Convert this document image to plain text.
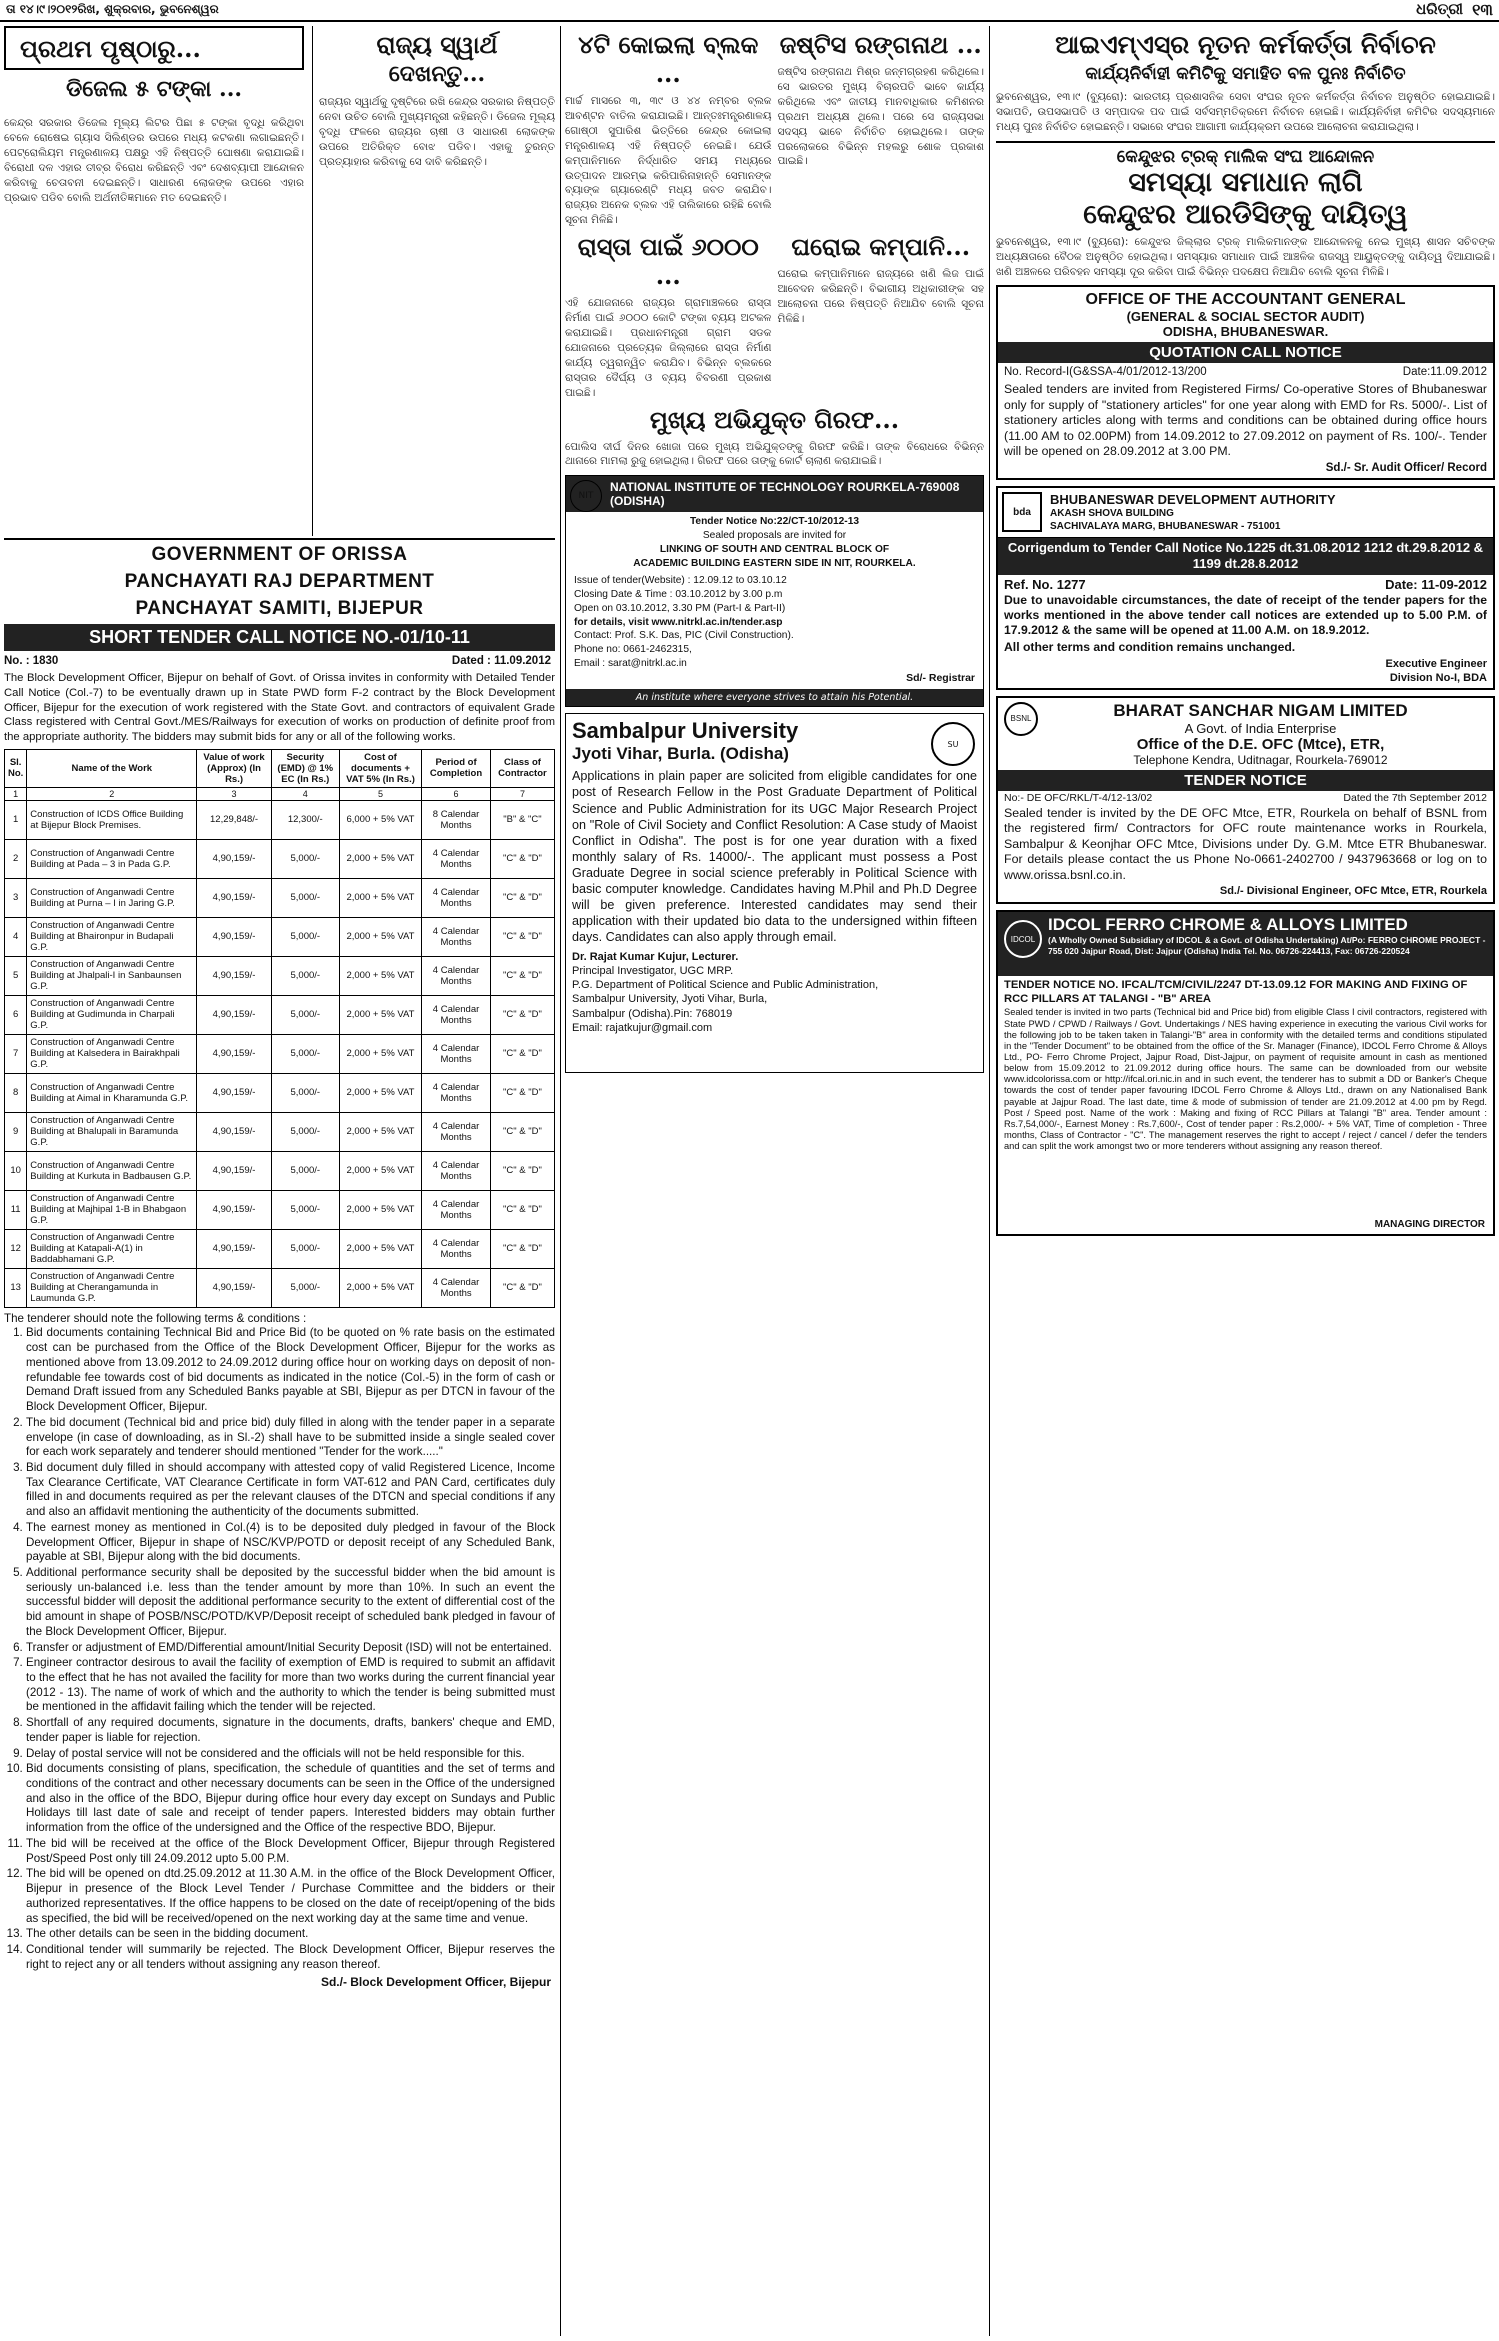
ତା ୧୪।୯।୨୦୧୨ରିଖ, ଶୁକ୍ରବାର, ଭୁବନେଶ୍ୱର	ଧରିତ୍ରୀ ୧୩
ପ୍ରଥମ ପୃଷ୍ଠାରୁ...
ଡିଜେଲ ୫ ଟଙ୍କା ...

କେନ୍ଦ୍ର ସରକାର ଡିଜେଲ ମୂଲ୍ୟ ଲିଟର ପିଛା ୫ ଟଙ୍କା ବୃଦ୍ଧି କରିଥିବା ବେଳେ ରୋଷେଇ ଗ୍ୟାସ ସିଲିଣ୍ଡର ଉପରେ ମଧ୍ୟ କଟକଣା ଲଗାଇଛନ୍ତି। ପେଟ୍ରୋଲିୟମ ମନ୍ତ୍ରଣାଳୟ ପକ୍ଷରୁ ଏହି ନିଷ୍ପତ୍ତି ଘୋଷଣା କରାଯାଇଛି। ବିରୋଧୀ ଦଳ ଏହାର ତୀବ୍ର ବିରୋଧ କରିଛନ୍ତି ଏବଂ ଦେଶବ୍ୟାପୀ ଆନ୍ଦୋଳନ କରିବାକୁ ଚେତାବନୀ ଦେଇଛନ୍ତି। ସାଧାରଣ ଲୋକଙ୍କ ଉପରେ ଏହାର ପ୍ରଭାବ ପଡିବ ବୋଲି ଅର୍ଥନୀତିଜ୍ଞମାନେ ମତ ଦେଇଛନ୍ତି।

ରାଜ୍ୟ ସ୍ୱାର୍ଥ
ଦେଖନ୍ତୁ...

ରାଜ୍ୟର ସ୍ୱାର୍ଥକୁ ଦୃଷ୍ଟିରେ ରଖି କେନ୍ଦ୍ର ସରକାର ନିଷ୍ପତ୍ତି ନେବା ଉଚିତ ବୋଲି ମୁଖ୍ୟମନ୍ତ୍ରୀ କହିଛନ୍ତି। ଡିଜେଲ ମୂଲ୍ୟ ବୃଦ୍ଧି ଫଳରେ ରାଜ୍ୟର ଚାଷୀ ଓ ସାଧାରଣ ଲୋକଙ୍କ ଉପରେ ଅତିରିକ୍ତ ବୋଝ ପଡିବ। ଏହାକୁ ତୁରନ୍ତ ପ୍ରତ୍ୟାହାର କରିବାକୁ ସେ ଦାବି କରିଛନ୍ତି।

GOVERNMENT OF ORISSA
PANCHAYATI RAJ DEPARTMENT
PANCHAYAT SAMITI, BIJEPUR
SHORT TENDER CALL NOTICE NO.-01/10-11
No. : 1830	Dated : 11.09.2012

The Block Development Officer, Bijepur on behalf of Govt. of Orissa invites in conformity with Detailed Tender Call Notice (Col.-7) to be eventually drawn up in State PWD form F-2 contract by the Block Development Officer, Bijepur for the execution of work registered with the State Govt. and contractors of equivalent Grade Class registered with Central Govt./MES/Railways for execution of works on production of definite proof from the appropriate authority. The bidders may submit bids for any or all of the following works.

Sl. No.	Name of the Work	Value of work (Approx) (In Rs.)	Security (EMD) @ 1% EC (In Rs.)	Cost of documents + VAT 5% (In Rs.)	Period of Completion	Class of Contractor
1	2	3	4	5	6	7
1	Construction of ICDS Office Building at Bijepur Block Premises.	12,29,848/-	12,300/-	6,000 + 5% VAT	8 Calendar Months	"B" & "C"
2	Construction of Anganwadi Centre Building at Pada – 3 in Pada G.P.	4,90,159/-	5,000/-	2,000 + 5% VAT	4 Calendar Months	"C" & "D"
3	Construction of Anganwadi Centre Building at Purna – I in Jaring G.P.	4,90,159/-	5,000/-	2,000 + 5% VAT	4 Calendar Months	"C" & "D"
4	Construction of Anganwadi Centre Building at Bhaironpur in Budapali G.P.	4,90,159/-	5,000/-	2,000 + 5% VAT	4 Calendar Months	"C" & "D"
5	Construction of Anganwadi Centre Building at Jhalpali-I in Sanbaunsen G.P.	4,90,159/-	5,000/-	2,000 + 5% VAT	4 Calendar Months	"C" & "D"
6	Construction of Anganwadi Centre Building at Gudimunda in Charpali G.P.	4,90,159/-	5,000/-	2,000 + 5% VAT	4 Calendar Months	"C" & "D"
7	Construction of Anganwadi Centre Building at Kalsedera in Bairakhpali G.P.	4,90,159/-	5,000/-	2,000 + 5% VAT	4 Calendar Months	"C" & "D"
8	Construction of Anganwadi Centre Building at Aimal in Kharamunda G.P.	4,90,159/-	5,000/-	2,000 + 5% VAT	4 Calendar Months	"C" & "D"
9	Construction of Anganwadi Centre Building at Bhalupali in Baramunda G.P.	4,90,159/-	5,000/-	2,000 + 5% VAT	4 Calendar Months	"C" & "D"
10	Construction of Anganwadi Centre Building at Kurkuta in Badbausen G.P.	4,90,159/-	5,000/-	2,000 + 5% VAT	4 Calendar Months	"C" & "D"
11	Construction of Anganwadi Centre Building at Majhipal 1-B in Bhabgaon G.P.	4,90,159/-	5,000/-	2,000 + 5% VAT	4 Calendar Months	"C" & "D"
12	Construction of Anganwadi Centre Building at Katapali-A(1) in Baddabhamani G.P.	4,90,159/-	5,000/-	2,000 + 5% VAT	4 Calendar Months	"C" & "D"
13	Construction of Anganwadi Centre Building at Cherangamunda in Laumunda G.P.	4,90,159/-	5,000/-	2,000 + 5% VAT	4 Calendar Months	"C" & "D"

The tenderer should note the following terms & conditions :

1. Bid documents containing Technical Bid and Price Bid (to be quoted on % rate basis on the estimated cost can be purchased from the Office of the Block Development Officer, Bijepur for the works as mentioned above from 13.09.2012 to 24.09.2012 during office hour on working days on deposit of non-refundable fee towards cost of bid documents as indicated in the notice (Col.-5) in the form of cash or Demand Draft issued from any Scheduled Banks payable at SBI, Bijepur as per DTCN in favour of the Block Development Officer, Bijepur.
2. The bid document (Technical bid and price bid) duly filled in along with the tender paper in a separate envelope (in case of downloading, as in Sl.-2) shall have to be submitted inside a single sealed cover for each work separately and tenderer should mentioned "Tender for the work....."
3. Bid document duly filled in should accompany with attested copy of valid Registered Licence, Income Tax Clearance Certificate, VAT Clearance Certificate in form VAT-612 and PAN Card, certificates duly filled in and documents required as per the relevant clauses of the DTCN and special conditions if any and also an affidavit mentioning the authenticity of the documents submitted.
4. The earnest money as mentioned in Col.(4) is to be deposited duly pledged in favour of the Block Development Officer, Bijepur in shape of NSC/KVP/POTD or deposit receipt of any Scheduled Bank, payable at SBI, Bijepur along with the bid documents.
5. Additional performance security shall be deposited by the successful bidder when the bid amount is seriously un-balanced i.e. less than the tender amount by more than 10%. In such an event the successful bidder will deposit the additional performance security to the extent of differential cost of the bid amount in shape of POSB/NSC/POTD/KVP/Deposit receipt of scheduled bank pledged in favour of the Block Development Officer, Bijepur.
6. Transfer or adjustment of EMD/Differential amount/Initial Security Deposit (ISD) will not be entertained.
7. Engineer contractor desirous to avail the facility of exemption of EMD is required to submit an affidavit to the effect that he has not availed the facility for more than two works during the current financial year (2012 - 13). The name of work of which and the authority to which the tender is being submitted must be mentioned in the affidavit failing which the tender will be rejected.
8. Shortfall of any required documents, signature in the documents, drafts, bankers' cheque and EMD, tender paper is liable for rejection.
9. Delay of postal service will not be considered and the officials will not be held responsible for this.
10. Bid documents consisting of plans, specification, the schedule of quantities and the set of terms and conditions of the contract and other necessary documents can be seen in the Office of the undersigned and also in the office of the BDO, Bijepur during office hour every day except on Sundays and Public Holidays till last date of sale and receipt of tender papers. Interested bidders may obtain further information from the office of the undersigned and the Office of the respective BDO, Bijepur.
11. The bid will be received at the office of the Block Development Officer, Bijepur through Registered Post/Speed Post only till 24.09.2012 upto 5.00 P.M.
12. The bid will be opened on dtd.25.09.2012 at 11.30 A.M. in the office of the Block Development Officer, Bijepur in presence of the Block Level Tender / Purchase Committee and the bidders or their authorized representatives. If the office happens to be closed on the date of receipt/opening of the bids as specified, the bid will be received/opened on the next working day at the same time and venue.
13. The other details can be seen in the bidding document.
14. Conditional tender will summarily be rejected. The Block Development Officer, Bijepur reserves the right to reject any or all tenders without assigning any reason thereof.
Sd./- Block Development Officer, Bijepur
୪ଟି କୋଇଲା ବ୍ଲକ ...

ମାର୍ଚ୍ଚ ମାସରେ ୩, ୩୯ ଓ ୪୪ ନମ୍ବର ବ୍ଲକ ଆବଣ୍ଟନ ବାତିଲ କରାଯାଇଛି। ଆନ୍ତଃମନ୍ତ୍ରଣାଳୟ ଗୋଷ୍ଠୀ ସୁପାରିଶ ଭିତ୍ତିରେ କେନ୍ଦ୍ର କୋଇଲା ମନ୍ତ୍ରଣାଳୟ ଏହି ନିଷ୍ପତ୍ତି ନେଇଛି। ଯେଉଁ କମ୍ପାନିମାନେ ନିର୍ଦ୍ଧାରିତ ସମୟ ମଧ୍ୟରେ ଉତ୍ପାଦନ ଆରମ୍ଭ କରିପାରିନାହାନ୍ତି ସେମାନଙ୍କ ବ୍ୟାଙ୍କ ଗ୍ୟାରେଣ୍ଟି ମଧ୍ୟ ଜବତ କରାଯିବ। ରାଜ୍ୟର ଅନେକ ବ୍ଲକ ଏହି ତାଲିକାରେ ରହିଛି ବୋଲି ସୂଚନା ମିଳିଛି।

ଜଷ୍ଟିସ ରଙ୍ଗନାଥ ...

ଜଷ୍ଟିସ ରଙ୍ଗନାଥ ମିଶ୍ର ଜନ୍ମଗ୍ରହଣ କରିଥିଲେ। ସେ ଭାରତର ମୁଖ୍ୟ ବିଚାରପତି ଭାବେ କାର୍ଯ୍ୟ କରିଥିଲେ ଏବଂ ଜାତୀୟ ମାନବାଧିକାର କମିଶନର ପ୍ରଥମ ଅଧ୍ୟକ୍ଷ ଥିଲେ। ପରେ ସେ ରାଜ୍ୟସଭା ସଦସ୍ୟ ଭାବେ ନିର୍ବାଚିତ ହୋଇଥିଲେ। ତାଙ୍କ ପରଲୋକରେ ବିଭିନ୍ନ ମହଲରୁ ଶୋକ ପ୍ରକାଶ ପାଇଛି।

ରାସ୍ତା ପାଇଁ ୬୦୦୦ ...

ଏହି ଯୋଜନାରେ ରାଜ୍ୟର ଗ୍ରାମାଞ୍ଚଳରେ ରାସ୍ତା ନିର୍ମାଣ ପାଇଁ ୬୦୦୦ କୋଟି ଟଙ୍କା ବ୍ୟୟ ଅଟକଳ କରାଯାଇଛି। ପ୍ରଧାନମନ୍ତ୍ରୀ ଗ୍ରାମ ସଡକ ଯୋଜନାରେ ପ୍ରତ୍ୟେକ ଜିଲ୍ଲାରେ ରାସ୍ତା ନିର୍ମାଣ କାର୍ଯ୍ୟ ତ୍ୱରାନ୍ୱିତ କରାଯିବ। ବିଭିନ୍ନ ବ୍ଲକରେ ରାସ୍ତାର ଦୈର୍ଘ୍ୟ ଓ ବ୍ୟୟ ବିବରଣୀ ପ୍ରକାଶ ପାଇଛି।

ଘରୋଇ କମ୍ପାନି...

ଘରୋଇ କମ୍ପାନିମାନେ ରାଜ୍ୟରେ ଖଣି ଲିଜ ପାଇଁ ଆବେଦନ କରିଛନ୍ତି। ବିଭାଗୀୟ ଅଧିକାରୀଙ୍କ ସହ ଆଲୋଚନା ପରେ ନିଷ୍ପତ୍ତି ନିଆଯିବ ବୋଲି ସୂଚନା ମିଳିଛି।

ମୁଖ୍ୟ ଅଭିଯୁକ୍ତ ଗିରଫ...

ପୋଲିସ ଦୀର୍ଘ ଦିନର ଖୋଜା ପରେ ମୁଖ୍ୟ ଅଭିଯୁକ୍ତଙ୍କୁ ଗିରଫ କରିଛି। ତାଙ୍କ ବିରୋଧରେ ବିଭିନ୍ନ ଥାନାରେ ମାମଲା ରୁଜୁ ହୋଇଥିଲା। ଗିରଫ ପରେ ତାଙ୍କୁ କୋର୍ଟ ଚାଲାଣ କରାଯାଇଛି।

NIT
NATIONAL INSTITUTE OF TECHNOLOGY ROURKELA-769008 (ODISHA)
Tender Notice No:22/CT-10/2012-13
Sealed proposals are invited for
LINKING OF SOUTH AND CENTRAL BLOCK OF
ACADEMIC BUILDING EASTERN SIDE IN NIT, ROURKELA.
Issue of tender(Website) : 12.09.12 to 03.10.12
Closing Date & Time : 03.10.2012 by 3.00 p.m
Open on 03.10.2012, 3.30 PM (Part-I & Part-II)
for details, visit www.nitrkl.ac.in/tender.asp
Contact: Prof. S.K. Das, PIC (Civil Construction).
Phone no: 0661-2462315,
Email : sarat@nitrkl.ac.in
Sd/- Registrar
An institute where everyone strives to attain his Potential.
SU
Sambalpur University
Jyoti Vihar, Burla. (Odisha)

Applications in plain paper are solicited from eligible candidates for one post of Research Fellow in the Post Graduate Department of Political Science and Public Administration for its UGC Major Research Project on "Role of Civil Society and Conflict Resolution: A Case study of Maoist Conflict in Odisha". The post is for one year duration with a fixed monthly salary of Rs. 14000/-. The applicant must possess a Post Graduate Degree in social science preferably in Political Science with basic computer knowledge. Candidates having M.Phil and Ph.D Degree will be given preference. Interested candidates may send their application with their updated bio data to the undersigned within fifteen days. Candidates can also apply through email.

Dr. Rajat Kumar Kujur, Lecturer.
Principal Investigator, UGC MRP.
P.G. Department of Political Science and Public Administration,
Sambalpur University, Jyoti Vihar, Burla,
Sambalpur (Odisha).Pin: 768019
Email: rajatkujur@gmail.com
ଆଇଏମ୍‌ଏସ୍‌ର ନୂତନ କର୍ମକର୍ତ୍ତା ନିର୍ବାଚନ
କାର୍ଯ୍ୟନିର୍ବାହୀ କମିଟିକୁ ସମାହିତ ବଳ ପୁନଃ ନିର୍ବାଚିତ

ଭୁବନେଶ୍ୱର, ୧୩।୯ (ବ୍ୟୁରୋ): ଭାରତୀୟ ପ୍ରଶାସନିକ ସେବା ସଂଘର ନୂତନ କର୍ମକର୍ତ୍ତା ନିର୍ବାଚନ ଅନୁଷ୍ଠିତ ହୋଇଯାଇଛି। ସଭାପତି, ଉପସଭାପତି ଓ ସମ୍ପାଦକ ପଦ ପାଇଁ ସର୍ବସମ୍ମତିକ୍ରମେ ନିର୍ବାଚନ ହୋଇଛି। କାର୍ଯ୍ୟନିର୍ବାହୀ କମିଟିର ସଦସ୍ୟମାନେ ମଧ୍ୟ ପୁନଃ ନିର୍ବାଚିତ ହୋଇଛନ୍ତି। ସଭାରେ ସଂଘର ଆଗାମୀ କାର୍ଯ୍ୟକ୍ରମ ଉପରେ ଆଲୋଚନା କରାଯାଇଥିଲା।

କେନ୍ଦୁଝର ଟ୍ରକ୍ ମାଲିକ ସଂଘ ଆନ୍ଦୋଳନ
ସମସ୍ୟା ସମାଧାନ ଲାଗି
କେନ୍ଦୁଝର ଆରଡିସିଙ୍କୁ ଦାୟିତ୍ୱ

ଭୁବନେଶ୍ୱର, ୧୩।୯ (ବ୍ୟୁରୋ): କେନ୍ଦୁଝର ଜିଲ୍ଲାର ଟ୍ରକ୍ ମାଲିକମାନଙ୍କ ଆନ୍ଦୋଳନକୁ ନେଇ ମୁଖ୍ୟ ଶାସନ ସଚିବଙ୍କ ଅଧ୍ୟକ୍ଷତାରେ ବୈଠକ ଅନୁଷ୍ଠିତ ହୋଇଥିଲା। ସମସ୍ୟାର ସମାଧାନ ପାଇଁ ଆଞ୍ଚଳିକ ରାଜସ୍ୱ ଆୟୁକ୍ତଙ୍କୁ ଦାୟିତ୍ୱ ଦିଆଯାଇଛି। ଖଣି ଅଞ୍ଚଳରେ ପରିବହନ ସମସ୍ୟା ଦୂର କରିବା ପାଇଁ ବିଭିନ୍ନ ପଦକ୍ଷେପ ନିଆଯିବ ବୋଲି ସୂଚନା ମିଳିଛି।

OFFICE OF THE ACCOUNTANT GENERAL
(GENERAL & SOCIAL SECTOR AUDIT)
ODISHA, BHUBANESWAR.
QUOTATION CALL NOTICE
No. Record-I(G&SSA-4/01/2012-13/200	Date:11.09.2012

Sealed tenders are invited from Registered Firms/ Co-operative Stores of Bhubaneswar only for supply of "stationery articles" for one year along with EMD for Rs. 5000/-. List of stationery articles along with terms and conditions can be obtained during office hours (11.00 AM to 02.00PM) from 14.09.2012 to 27.09.2012 on payment of Rs. 100/-. Tender will be opened on 28.09.2012 at 3.00 PM.

Sd./- Sr. Audit Officer/ Record
bda
BHUBANESWAR DEVELOPMENT AUTHORITY
AKASH SHOVA BUILDING
SACHIVALAYA MARG, BHUBANESWAR - 751001
Corrigendum to Tender Call Notice No.1225 dt.31.08.2012 1212 dt.29.8.2012 & 1199 dt.28.8.2012
Ref. No. 1277	Date: 11-09-2012

Due to unavoidable circumstances, the date of receipt of the tender papers for the works mentioned in the above tender call notices are extended up to 5.00 P.M. of 17.9.2012 & the same will be opened at 11.00 A.M. on 18.9.2012.

All other terms and condition remains unchanged.

Executive Engineer
Division No-I, BDA
BSNL	BHARAT SANCHAR NIGAM LIMITED
A Govt. of India Enterprise
Office of the D.E. OFC (Mtce), ETR,
Telephone Kendra, Uditnagar, Rourkela-769012
TENDER NOTICE
No:- DE OFC/RKL/T-4/12-13/02	Dated the 7th September 2012

Sealed tender is invited by the DE OFC Mtce, ETR, Rourkela on behalf of BSNL from the registered firm/ Contractors for OFC route maintenance works in Rourkela, Sambalpur & Keonjhar OFC Mtce, Divisions under Dy. G.M. Mtce ETR Bhubaneswar. For details please contact the us Phone No-0661-2402700 / 9437963668 or log on to www.orissa.bsnl.co.in.

Sd./- Divisional Engineer, OFC Mtce, ETR, Rourkela
IDCOL
IDCOL FERRO CHROME & ALLOYS LIMITED
(A Wholly Owned Subsidiary of IDCOL & a Govt. of Odisha Undertaking) At/Po: FERRO CHROME PROJECT - 755 020 Jajpur Road, Dist: Jajpur (Odisha) India Tel. No. 06726-224413, Fax: 06726-220524
TENDER NOTICE NO. IFCAL/TCM/CIVIL/2247 DT-13.09.12 FOR MAKING AND FIXING OF RCC PILLARS AT TALANGI - "B" AREA

Sealed tender is invited in two parts (Technical bid and Price bid) from eligible Class I civil contractors, registered with State PWD / CPWD / Railways / Govt. Undertakings / NES having experience in executing the various Civil works for the following job to be taken taken in Talangi-"B" area in conformity with the detailed terms and conditions stipulated in the "Tender Document" to be obtained from the office of the Sr. Manager (Finance), IDCOL Ferro Chrome & Alloys Ltd., PO- Ferro Chrome Project, Jajpur Road, Dist-Jajpur, on payment of requisite amount in cash as mentioned below from 15.09.2012 to 21.09.2012 during office hours. The same can be downloaded from our website www.idcolorissa.com or http://ifcal.ori.nic.in and in such event, the tenderer has to submit a DD or Banker's Cheque towards the cost of tender paper favouring IDCOL Ferro Chrome & Alloys Ltd., drawn on any Nationalised Bank payable at Jajpur Road. The last date, time & mode of submission of tender are 21.09.2012 at 4.00 pm by Regd. Post / Speed post. Name of the work : Making and fixing of RCC Pillars at Talangi "B" area. Tender amount : Rs.7,54,000/-, Earnest Money : Rs.7,600/-, Cost of tender paper : Rs.2,000/- + 5% VAT, Time of completion - Three months, Class of Contractor - "C". The management reserves the right to accept / reject / cancel / defer the tenders and can split the work amongst two or more tenderers without assigning any reason thereof.

MANAGING DIRECTOR
